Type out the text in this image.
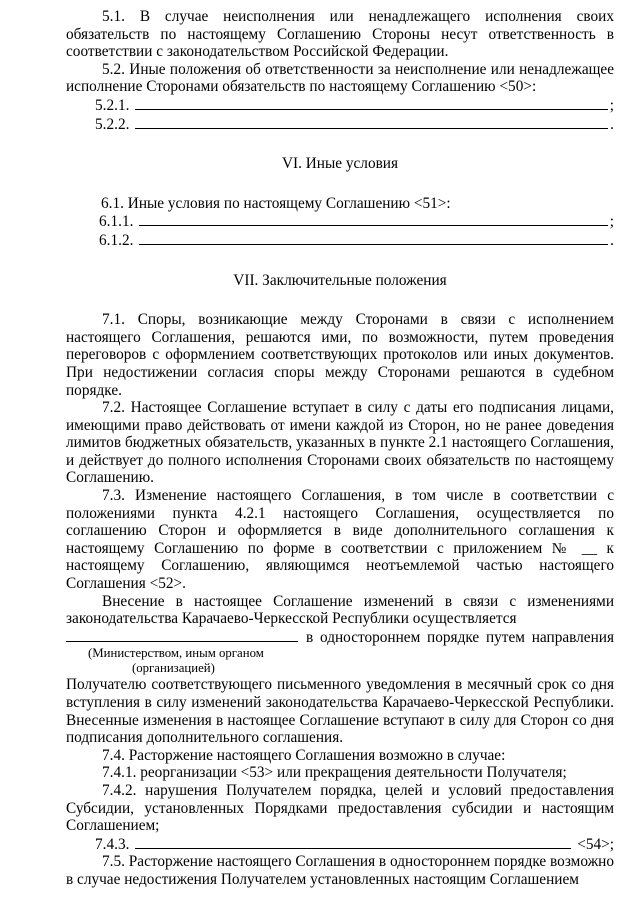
5.1. В случае неисполнения или ненадлежащего исполнения своих обязательств по настоящему Соглашению Стороны несут ответственность в соответствии с законодательством Российской Федерации.

5.2. Иные положения об ответственности за неисполнение или ненадлежащее исполнение Сторонами обязательств по настоящему Соглашению <50>:

5.2.1.	;
5.2.2.	.

VI. Иные условия

6.1. Иные условия по настоящему Соглашению <51>:

6.1.1.	;
6.1.2.	.

VII. Заключительные положения

7.1. Споры, возникающие между Сторонами в связи с исполнением настоящего Соглашения, решаются ими, по возможности, путем проведения переговоров с оформлением соответствующих протоколов или иных документов. При недостижении согласия споры между Сторонами решаются в судебном порядке.

7.2. Настоящее Соглашение вступает в силу с даты его подписания лицами, имеющими право действовать от имени каждой из Сторон, но не ранее доведения лимитов бюджетных обязательств, указанных в пункте 2.1 настоящего Соглашения, и действует до полного исполнения Сторонами своих обязательств по настоящему Соглашению.

7.3. Изменение настоящего Соглашения, в том числе в соответствии с положениями пункта 4.2.1 настоящего Соглашения, осуществляется по соглашению Сторон и оформляется в виде дополнительного соглашения к настоящему Соглашению по форме в соответствии с приложением № __ к настоящему Соглашению, являющимся неотъемлемой частью настоящего Соглашения <52>.

Внесение в настоящее Соглашение изменений в связи с изменениями законодательства Карачаево-Черкесской Республики осуществляется

в одностороннем порядке путем направления

(Министерством, иным органом

(организацией)

Получателю соответствующего письменного уведомления в месячный срок со дня вступления в силу изменений законодательства Карачаево-Черкесской Республики. Внесенные изменения в настоящее Соглашение вступают в силу для Сторон со дня подписания дополнительного соглашения.

7.4. Расторжение настоящего Соглашения возможно в случае:

7.4.1. реорганизации <53> или прекращения деятельности Получателя;

7.4.2. нарушения Получателем порядка, целей и условий предоставления Субсидии, установленных Порядками предоставления субсидии и настоящим Соглашением;

7.4.3.	<54>;

7.5. Расторжение настоящего Соглашения в одностороннем порядке возможно в случае недостижения Получателем установленных настоящим Соглашением
